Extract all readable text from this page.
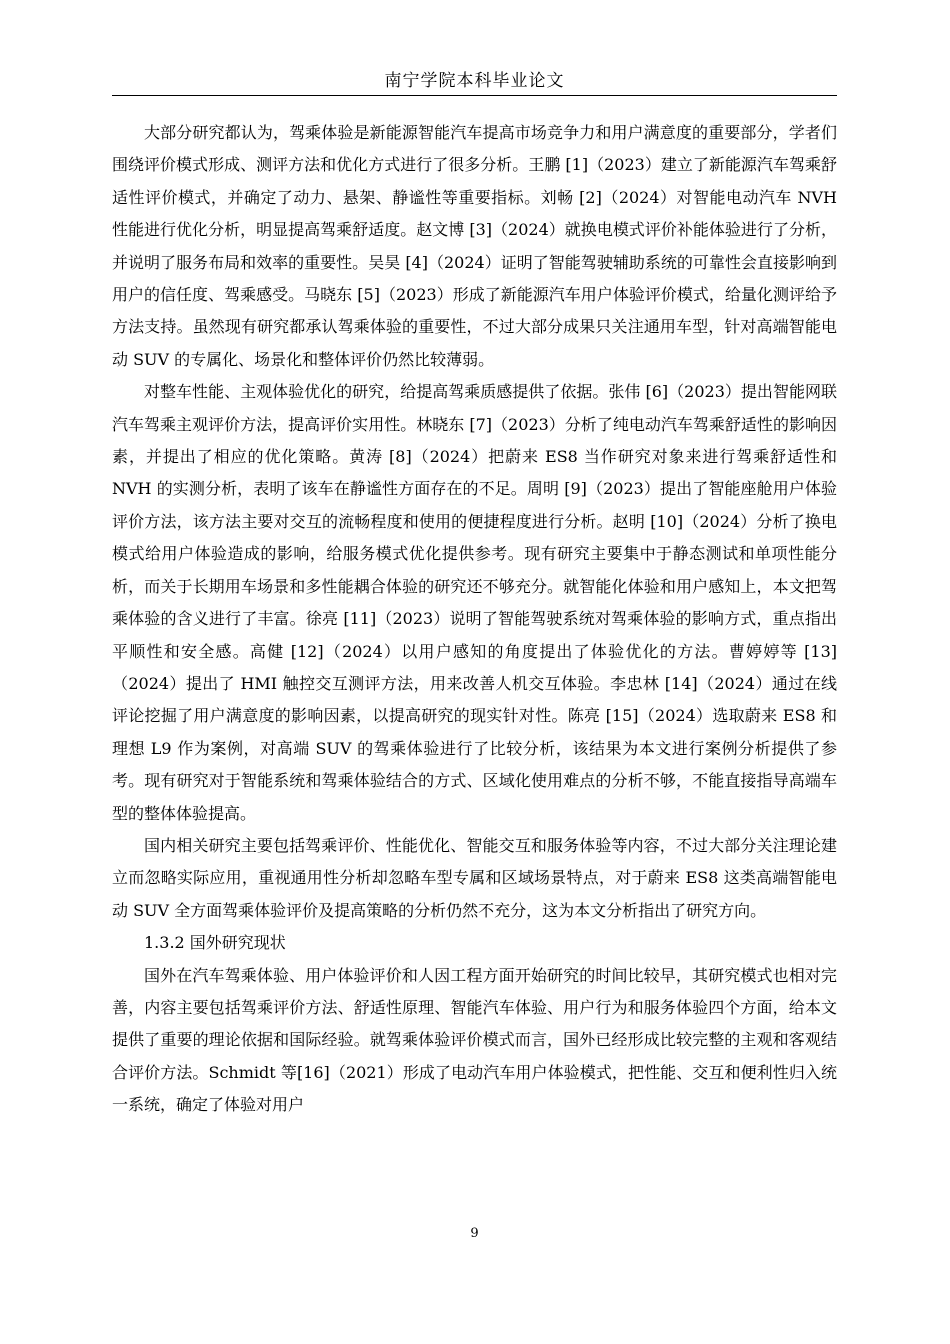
南宁学院本科毕业论文

大部分研究都认为，驾乘体验是新能源智能汽车提高市场竞争力和用户满意度的重要部分，学者们围绕评价模式形成、测评方法和优化方式进行了很多分析。王鹏 [1]（2023）建立了新能源汽车驾乘舒适性评价模式，并确定了动力、悬架、静谧性等重要指标。刘畅 [2]（2024）对智能电动汽车 NVH 性能进行优化分析，明显提高驾乘舒适度。赵文博 [3]（2024）就换电模式评价补能体验进行了分析，并说明了服务布局和效率的重要性。吴昊 [4]（2024）证明了智能驾驶辅助系统的可靠性会直接影响到用户的信任度、驾乘感受。马晓东 [5]（2023）形成了新能源汽车用户体验评价模式，给量化测评给予方法支持。虽然现有研究都承认驾乘体验的重要性，不过大部分成果只关注通用车型，针对高端智能电动 SUV 的专属化、场景化和整体评价仍然比较薄弱。

对整车性能、主观体验优化的研究，给提高驾乘质感提供了依据。张伟 [6]（2023）提出智能网联汽车驾乘主观评价方法，提高评价实用性。林晓东 [7]（2023）分析了纯电动汽车驾乘舒适性的影响因素，并提出了相应的优化策略。黄涛 [8]（2024）把蔚来 ES8 当作研究对象来进行驾乘舒适性和 NVH 的实测分析，表明了该车在静谧性方面存在的不足。周明 [9]（2023）提出了智能座舱用户体验评价方法，该方法主要对交互的流畅程度和使用的便捷程度进行分析。赵明 [10]（2024）分析了换电模式给用户体验造成的影响，给服务模式优化提供参考。现有研究主要集中于静态测试和单项性能分析，而关于长期用车场景和多性能耦合体验的研究还不够充分。就智能化体验和用户感知上，本文把驾乘体验的含义进行了丰富。徐亮 [11]（2023）说明了智能驾驶系统对驾乘体验的影响方式，重点指出平顺性和安全感。高健 [12]（2024）以用户感知的角度提出了体验优化的方法。曹婷婷等 [13]（2024）提出了 HMI 触控交互测评方法，用来改善人机交互体验。李忠林 [14]（2024）通过在线评论挖掘了用户满意度的影响因素，以提高研究的现实针对性。陈亮 [15]（2024）选取蔚来 ES8 和理想 L9 作为案例，对高端 SUV 的驾乘体验进行了比较分析，该结果为本文进行案例分析提供了参考。现有研究对于智能系统和驾乘体验结合的方式、区域化使用难点的分析不够，不能直接指导高端车型的整体体验提高。

国内相关研究主要包括驾乘评价、性能优化、智能交互和服务体验等内容，不过大部分关注理论建立而忽略实际应用，重视通用性分析却忽略车型专属和区域场景特点，对于蔚来 ES8 这类高端智能电动 SUV 全方面驾乘体验评价及提高策略的分析仍然不充分，这为本文分析指出了研究方向。

1.3.2 国外研究现状

国外在汽车驾乘体验、用户体验评价和人因工程方面开始研究的时间比较早，其研究模式也相对完善，内容主要包括驾乘评价方法、舒适性原理、智能汽车体验、用户行为和服务体验四个方面，给本文提供了重要的理论依据和国际经验。就驾乘体验评价模式而言，国外已经形成比较完整的主观和客观结合评价方法。Schmidt 等[16]（2021）形成了电动汽车用户体验模式，把性能、交互和便利性归入统一系统，确定了体验对用户

9
